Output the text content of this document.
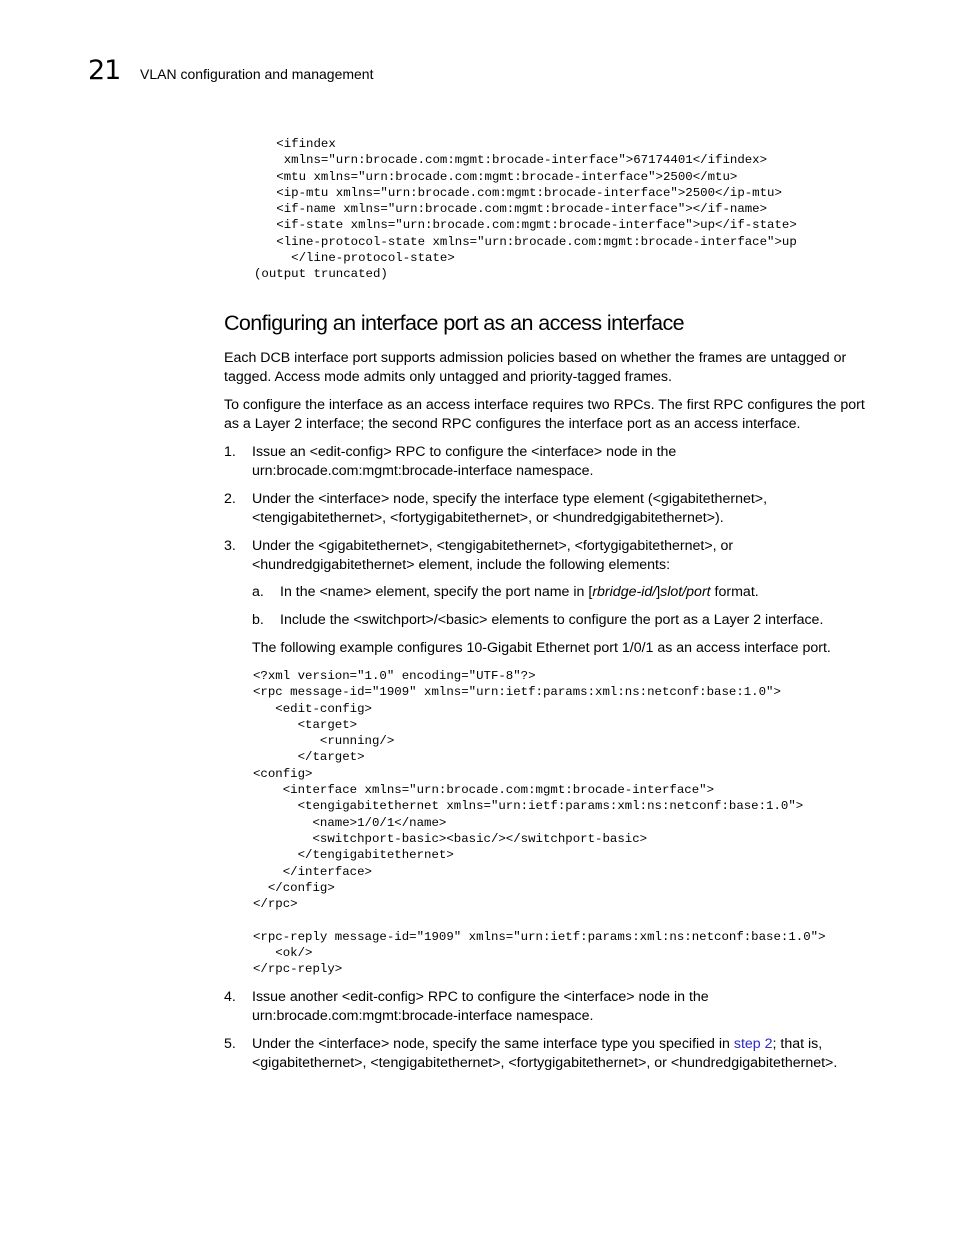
21 VLAN configuration and management
<ifindex
xmlns="urn:brocade.com:mgmt:brocade-interface">67174401</ifindex>
<mtu xmlns="urn:brocade.com:mgmt:brocade-interface">2500</mtu>
<ip-mtu xmlns="urn:brocade.com:mgmt:brocade-interface">2500</ip-mtu>
<if-name xmlns="urn:brocade.com:mgmt:brocade-interface"></if-name>
<if-state xmlns="urn:brocade.com:mgmt:brocade-interface">up</if-state>
<line-protocol-state xmlns="urn:brocade.com:mgmt:brocade-interface">up
</line-protocol-state>
(output truncated)
Configuring an interface port as an access interface

Each DCB interface port supports admission policies based on whether the frames are untagged or tagged. Access mode admits only untagged and priority-tagged frames.

To configure the interface as an access interface requires two RPCs. The first RPC configures the port as a Layer 2 interface; the second RPC configures the interface port as an access interface.

1.	Issue an <edit-config> RPC to configure the <interface> node in the urn:brocade.com:mgmt:brocade-interface namespace.
2.	Under the <interface> node, specify the interface type element (<gigabitethernet>, <tengigabitethernet>, <fortygigabitethernet>, or <hundredgigabitethernet>).
3.	Under the <gigabitethernet>, <tengigabitethernet>, <fortygigabitethernet>, or <hundredgigabitethernet> element, include the following elements:
a. In the <name> element, specify the port name in [rbridge-id/]slot/port format.
b. Include the <switchport>/<basic> elements to configure the port as a Layer 2 interface.
The following example configures 10-Gigabit Ethernet port 1/0/1 as an access interface port.
<?xml version="1.0" encoding="UTF-8"?>
<rpc message-id="1909" xmlns="urn:ietf:params:xml:ns:netconf:base:1.0">
<edit-config>
<target>
<running/>
</target>
<config>
<interface xmlns="urn:brocade.com:mgmt:brocade-interface">
<tengigabitethernet xmlns="urn:ietf:params:xml:ns:netconf:base:1.0">
<name>1/0/1</name>
<switchport-basic><basic/></switchport-basic>
</tengigabitethernet>
</interface>
</config>
</rpc>

<rpc-reply message-id="1909" xmlns="urn:ietf:params:xml:ns:netconf:base:1.0">
<ok/>
</rpc-reply>
4.	Issue another <edit-config> RPC to configure the <interface> node in the urn:brocade.com:mgmt:brocade-interface namespace.
5.	Under the <interface> node, specify the same interface type you specified in step 2; that is, <gigabitethernet>, <tengigabitethernet>, <fortygigabitethernet>, or <hundredgigabitethernet>.
